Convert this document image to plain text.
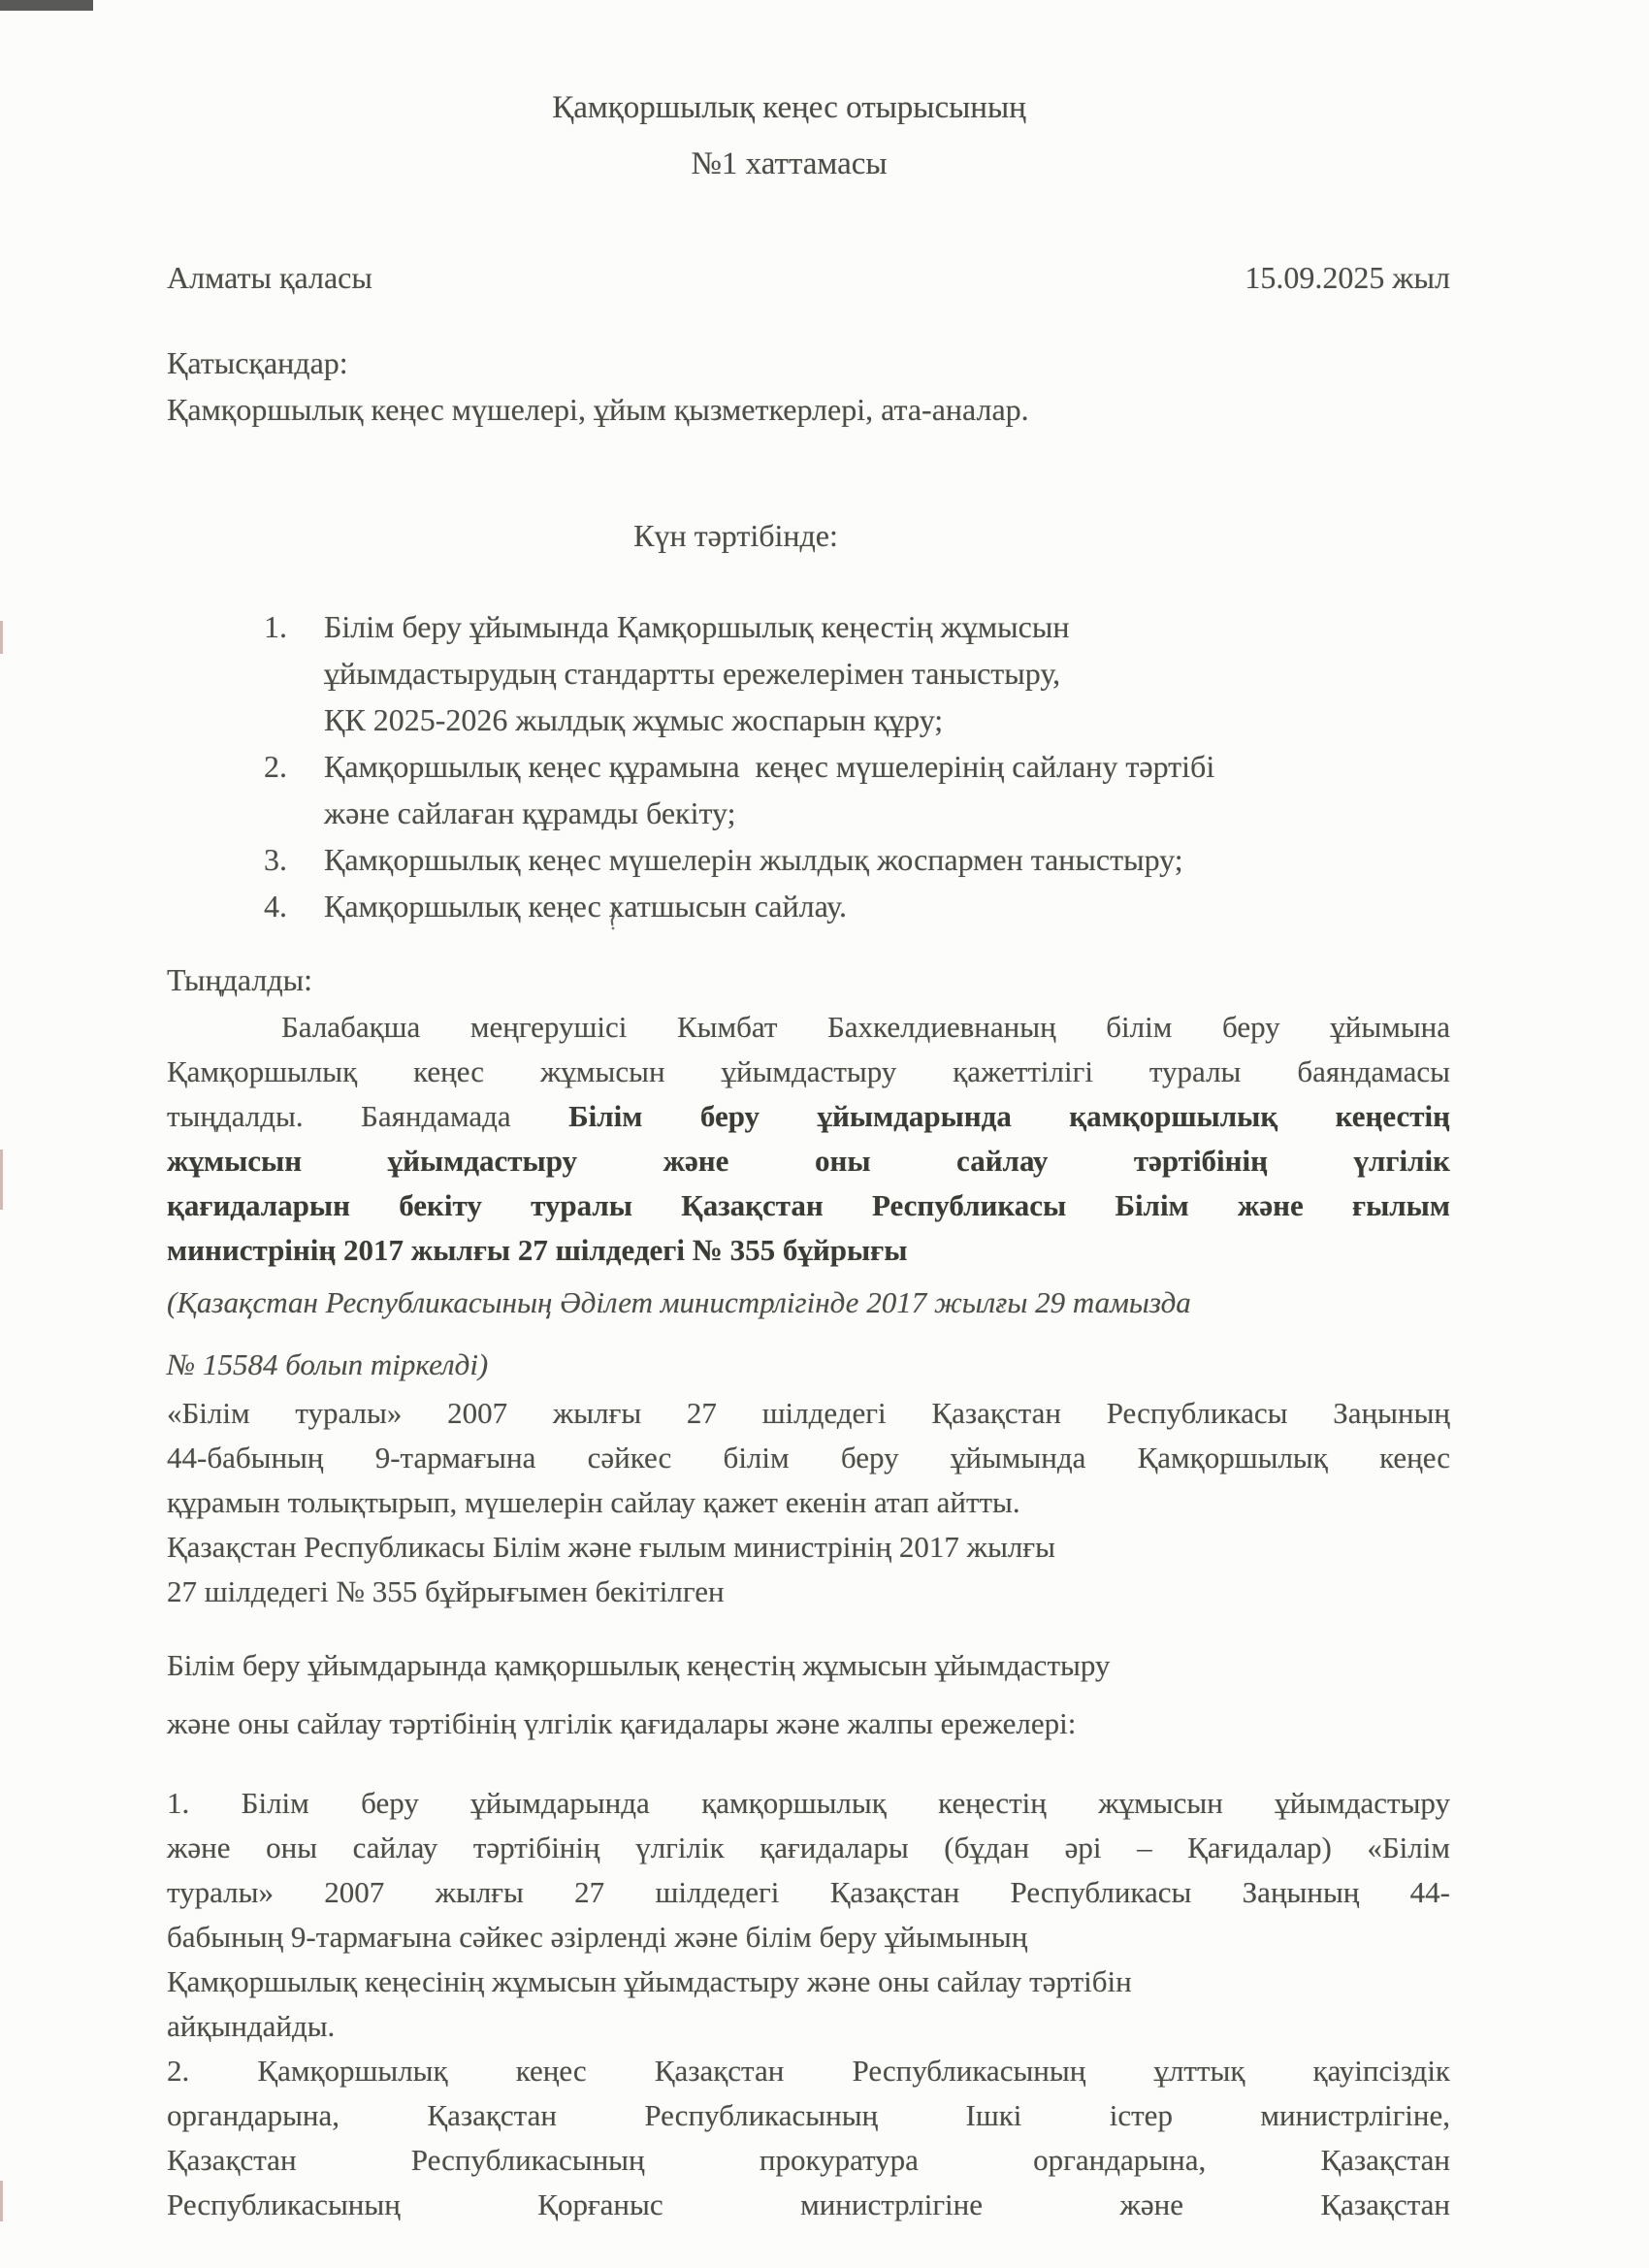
Қамқоршылық кеңес отырысының
№1 хаттамасы
Алматы қаласы	15.09.2025 жыл
Қатысқандар:
Қамқоршылық кеңес мүшелері, ұйым қызметкерлері, ата-аналар.
Күн тәртібінде:
1.	Білім беру ұйымында Қамқоршылық кеңестің жұмысын
ұйымдастырудың стандартты ережелерімен таныстыру,
ҚК 2025-2026 жылдық жұмыс жоспарын құру;
2.	Қамқоршылық кеңес құрамына  кеңес мүшелерінің сайлану тәртібі
және сайлаған құрамды бекіту;
3.	Қамқоршылық кеңес мүшелерін жылдық жоспармен таныстыру;
4.	Қамқоршылық кеңес хатшысын сайлау.
Тыңдалды:
Балабақша меңгерушісі Кымбат Бахкелдиевнаның білім беру ұйымына
Қамқоршылық кеңес жұмысын ұйымдастыру қажеттілігі туралы баяндамасы
тыңдалды. Баяндамада Білім беру ұйымдарында қамқоршылық кеңестің
жұмысын ұйымдастыру және оны сайлау тәртібінің үлгілік
қағидаларын бекіту туралы Қазақстан Республикасы Білім және ғылым
министрінің 2017 жылғы 27 шілдедегі № 355 бұйрығы
(Қазақстан Республикасының Әділет министрлігінде 2017 жылғы 29 тамызда
№ 15584 болып тіркелді)
«Білім туралы» 2007 жылғы 27 шілдедегі Қазақстан Республикасы Заңының
44-бабының 9-тармағына сәйкес білім беру ұйымында Қамқоршылық кеңес
құрамын толықтырып, мүшелерін сайлау қажет екенін атап айтты.
Қазақстан Республикасы Білім және ғылым министрінің 2017 жылғы
27 шілдедегі № 355 бұйрығымен бекітілген
Білім беру ұйымдарында қамқоршылық кеңестің жұмысын ұйымдастыру
және оны сайлау тәртібінің үлгілік қағидалары және жалпы ережелері:
1. Білім беру ұйымдарында қамқоршылық кеңестің жұмысын ұйымдастыру
және оны сайлау тәртібінің үлгілік қағидалары (бұдан әрі – Қағидалар) «Білім
туралы» 2007 жылғы 27 шілдедегі Қазақстан Республикасы Заңының 44-
бабының 9-тармағына сәйкес әзірленді және білім беру ұйымының
Қамқоршылық кеңесінің жұмысын ұйымдастыру және оны сайлау тәртібін
айқындайды.
2. Қамқоршылық кеңес Қазақстан Республикасының ұлттық қауіпсіздік
органдарына, Қазақстан Республикасының Ішкі істер министрлігіне,
Қазақстан Республикасының прокуратура органдарына, Қазақстан
Республикасының Қорғаныс министрлігіне және Қазақстан
